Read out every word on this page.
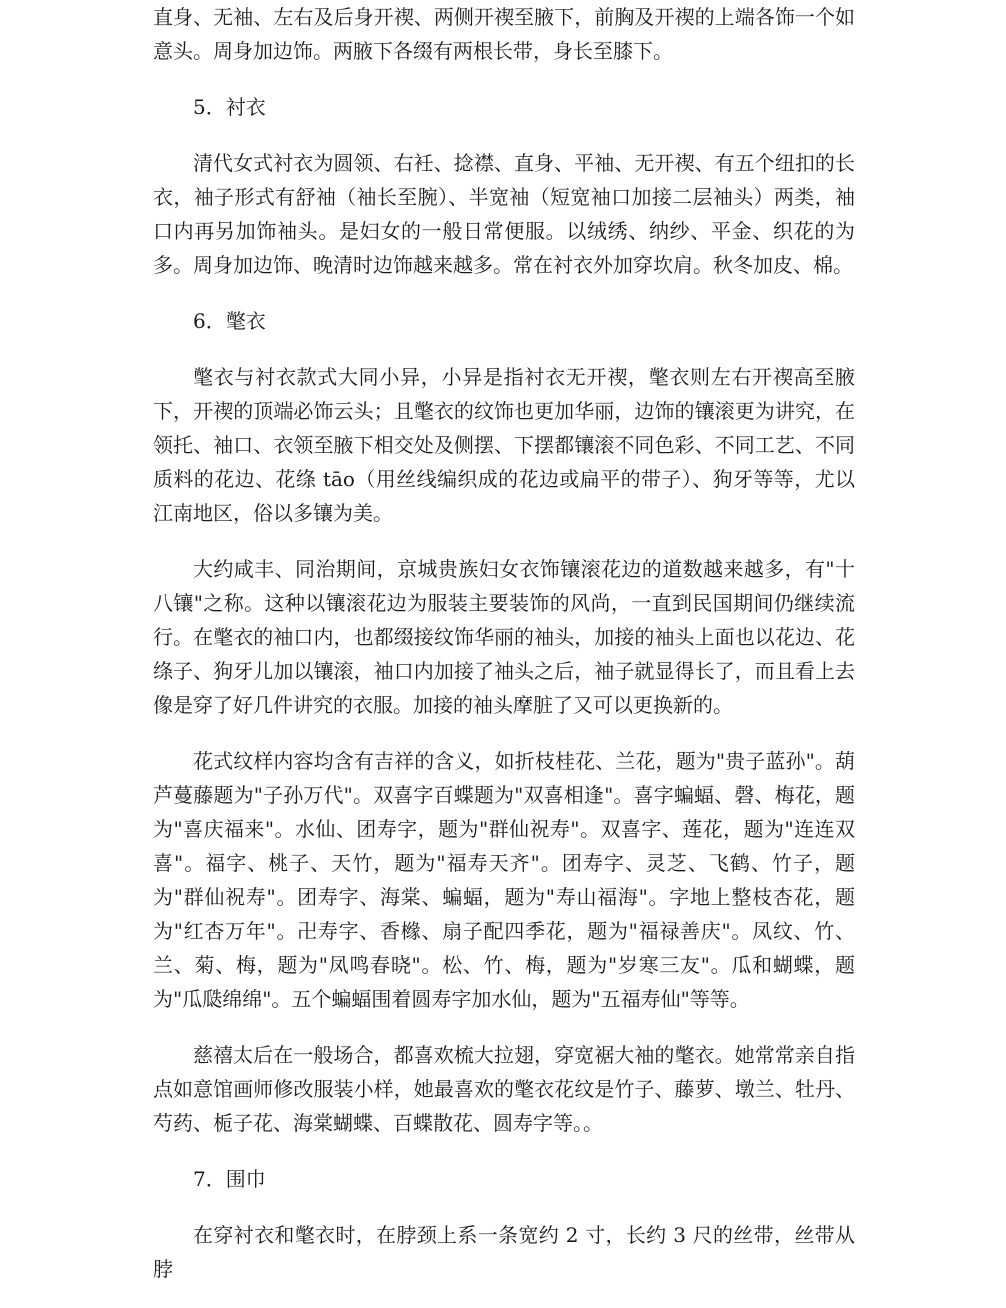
直身、无袖、左右及后身开禊、两侧开禊至腋下，前胸及开禊的上端各饰一个如意头。周身加边饰。两腋下各缀有两根长带，身长至膝下。

5．衬衣

清代女式衬衣为圆领、右衽、捻襟、直身、平袖、无开禊、有五个纽扣的长衣，袖子形式有舒袖（袖长至腕）、半宽袖（短宽袖口加接二层袖头）两类，袖口内再另加饰袖头。是妇女的一般日常便服。以绒绣、纳纱、平金、织花的为多。周身加边饰、晚清时边饰越来越多。常在衬衣外加穿坎肩。秋冬加皮、棉。

6．氅衣

氅衣与衬衣款式大同小异，小异是指衬衣无开禊，氅衣则左右开禊高至腋下，开禊的顶端必饰云头；且氅衣的纹饰也更加华丽，边饰的镶滚更为讲究，在领托、袖口、衣领至腋下相交处及侧摆、下摆都镶滚不同色彩、不同工艺、不同质料的花边、花绦 tāo（用丝线编织成的花边或扁平的带子）、狗牙等等，尤以江南地区，俗以多镶为美。

大约咸丰、同治期间，京城贵族妇女衣饰镶滚花边的道数越来越多，有"十八镶"之称。这种以镶滚花边为服装主要装饰的风尚，一直到民国期间仍继续流行。在氅衣的袖口内，也都缀接纹饰华丽的袖头，加接的袖头上面也以花边、花绦子、狗牙儿加以镶滚，袖口内加接了袖头之后，袖子就显得长了，而且看上去像是穿了好几件讲究的衣服。加接的袖头摩脏了又可以更换新的。

花式纹样内容均含有吉祥的含义，如折枝桂花、兰花，题为"贵子蓝孙"。葫芦蔓藤题为"子孙万代"。双喜字百蝶题为"双喜相逢"。喜字蝙蝠、磬、梅花，题为"喜庆福来"。水仙、团寿字，题为"群仙祝寿"。双喜字、莲花，题为"连连双喜"。福字、桃子、天竹，题为"福寿天齐"。团寿字、灵芝、飞鹤、竹子，题为"群仙祝寿"。团寿字、海棠、蝙蝠，题为"寿山福海"。字地上整枝杏花，题为"红杏万年"。卍寿字、香橼、扇子配四季花，题为"福禄善庆"。凤纹、竹、兰、菊、梅，题为"凤鸣春晓"。松、竹、梅，题为"岁寒三友"。瓜和蝴蝶，题为"瓜瓞绵绵"。五个蝙蝠围着圆寿字加水仙，题为"五福寿仙"等等。

慈禧太后在一般场合，都喜欢梳大拉翅，穿宽裾大袖的氅衣。她常常亲自指点如意馆画师修改服装小样，她最喜欢的氅衣花纹是竹子、藤萝、墩兰、牡丹、芍药、栀子花、海棠蝴蝶、百蝶散花、圆寿字等。。

7．围巾

在穿衬衣和氅衣时，在脖颈上系一条宽约 2 寸，长约 3 尺的丝带，丝带从脖
